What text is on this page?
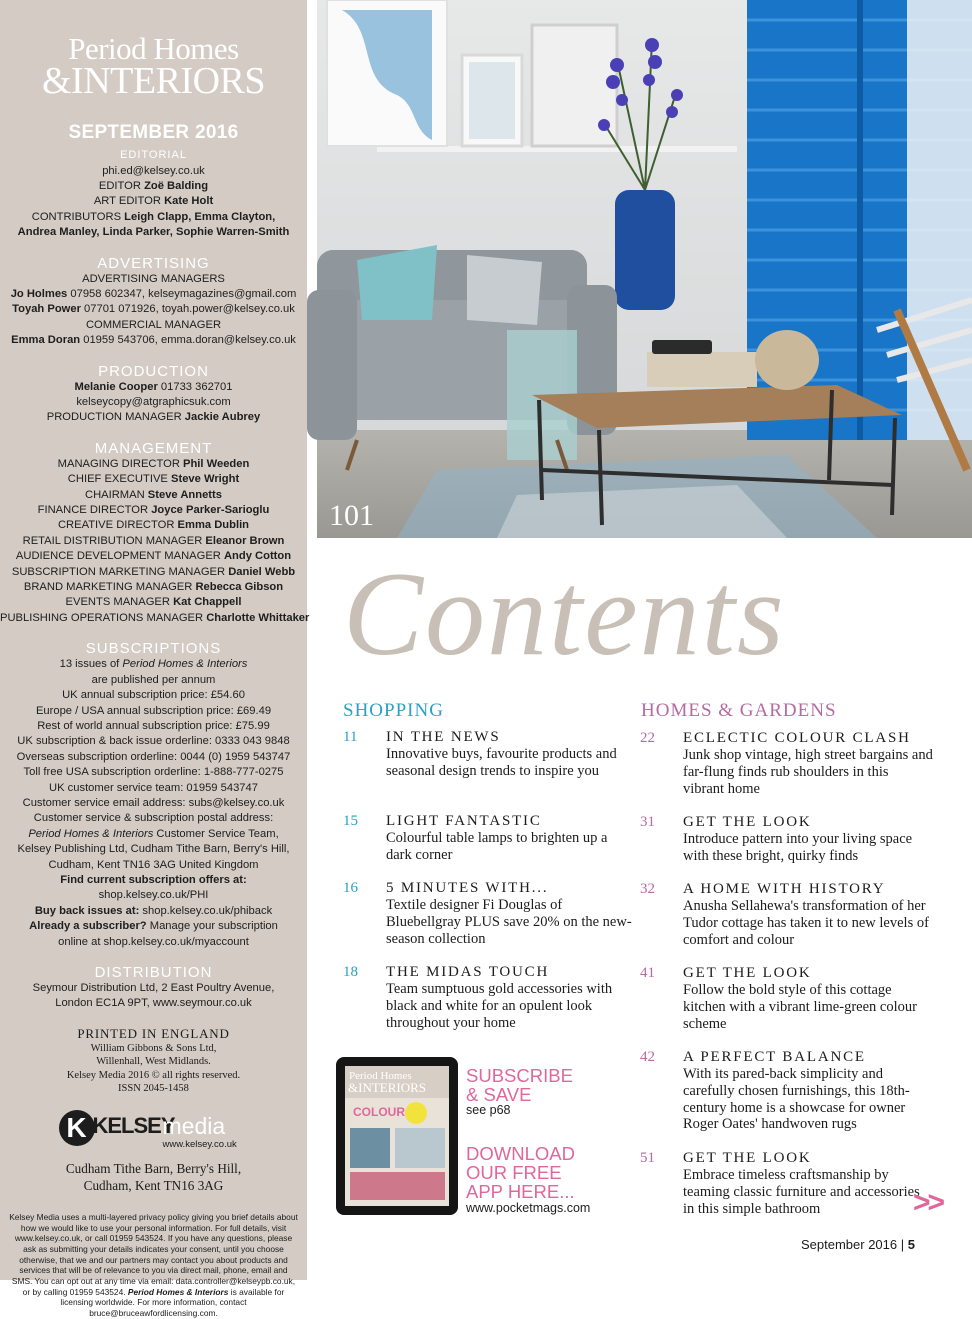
Period Homes
&INTERIORS
SEPTEMBER 2016
EDITORIAL
phi.ed@kelsey.co.uk
EDITOR Zoë Balding
ART EDITOR Kate Holt
CONTRIBUTORS Leigh Clapp, Emma Clayton,
Andrea Manley, Linda Parker, Sophie Warren-Smith
ADVERTISING
ADVERTISING MANAGERS
Jo Holmes 07958 602347, kelseymagazines@gmail.com
Toyah Power 07701 071926, toyah.power@kelsey.co.uk
COMMERCIAL MANAGER
Emma Doran 01959 543706, emma.doran@kelsey.co.uk
PRODUCTION
Melanie Cooper 01733 362701
kelseycopy@atgraphicsuk.com
PRODUCTION MANAGER Jackie Aubrey
MANAGEMENT
MANAGING DIRECTOR Phil Weeden
CHIEF EXECUTIVE Steve Wright
CHAIRMAN Steve Annetts
FINANCE DIRECTOR Joyce Parker-Sarioglu
CREATIVE DIRECTOR Emma Dublin
RETAIL DISTRIBUTION MANAGER Eleanor Brown
AUDIENCE DEVELOPMENT MANAGER Andy Cotton
SUBSCRIPTION MARKETING MANAGER Daniel Webb
BRAND MARKETING MANAGER Rebecca Gibson
EVENTS MANAGER Kat Chappell
PUBLISHING OPERATIONS MANAGER Charlotte Whittaker
SUBSCRIPTIONS
13 issues of Period Homes & Interiors
are published per annum
UK annual subscription price: £54.60
Europe / USA annual subscription price: £69.49
Rest of world annual subscription price: £75.99
UK subscription & back issue orderline: 0333 043 9848
Overseas subscription orderline: 0044 (0) 1959 543747
Toll free USA subscription orderline: 1-888-777-0275
UK customer service team: 01959 543747
Customer service email address: subs@kelsey.co.uk
Customer service & subscription postal address:
Period Homes & Interiors Customer Service Team,
Kelsey Publishing Ltd, Cudham Tithe Barn, Berry's Hill,
Cudham, Kent TN16 3AG United Kingdom
Find current subscription offers at:
shop.kelsey.co.uk/PHI
Buy back issues at: shop.kelsey.co.uk/phiback
Already a subscriber? Manage your subscription
online at shop.kelsey.co.uk/myaccount
DISTRIBUTION
Seymour Distribution Ltd, 2 East Poultry Avenue,
London EC1A 9PT, www.seymour.co.uk
PRINTED IN ENGLAND
William Gibbons & Sons Ltd,
Willenhall, West Midlands.
Kelsey Media 2016 © all rights reserved.
ISSN 2045-1458
K KELSEY
media
www.kelsey.co.uk
Cudham Tithe Barn, Berry's Hill,
Cudham, Kent TN16 3AG
Kelsey Media uses a multi-layered privacy policy giving you brief details about how we would like to use your personal information. For full details, visit www.kelsey.co.uk, or call 01959 543524. If you have any questions, please ask as submitting your details indicates your consent, until you choose otherwise, that we and our partners may contact you about products and services that will be of relevance to you via direct mail, phone, email and SMS. You can opt out at any time via email: data.controller@kelseypb.co.uk, or by calling 01959 543524. Period Homes & Interiors is available for licensing worldwide. For more information, contact bruce@bruceawfordlicensing.com.
101
Contents
SHOPPING	HOMES & GARDENS
11 IN THE NEWS
Innovative buys, favourite products and seasonal design trends to inspire you
15 LIGHT FANTASTIC
Colourful table lamps to brighten up a dark corner
16 5 MINUTES WITH...
Textile designer Fi Douglas of Bluebellgray PLUS save 20% on the new-season collection
18 THE MIDAS TOUCH
Team sumptuous gold accessories with black and white for an opulent look throughout your home
22 ECLECTIC COLOUR CLASH
Junk shop vintage, high street bargains and far-flung finds rub shoulders in this vibrant home
31 GET THE LOOK
Introduce pattern into your living space with these bright, quirky finds
32 A HOME WITH HISTORY
Anusha Sellahewa's transformation of her Tudor cottage has taken it to new levels of comfort and colour
41 GET THE LOOK
Follow the bold style of this cottage kitchen with a vibrant lime-green colour scheme
42 A PERFECT BALANCE
With its pared-back simplicity and carefully chosen furnishings, this 18th-century home is a showcase for owner Roger Oates' handwoven rugs
51 GET THE LOOK
Embrace timeless craftsmanship by teaming classic furniture and accessories in this simple bathroom
Period Homes
&INTERIORS
COLOUR
SUBSCRIBE
& SAVE
see p68
DOWNLOAD
OUR FREE
APP HERE...
www.pocketmags.com	>>
September 2016 | 5
